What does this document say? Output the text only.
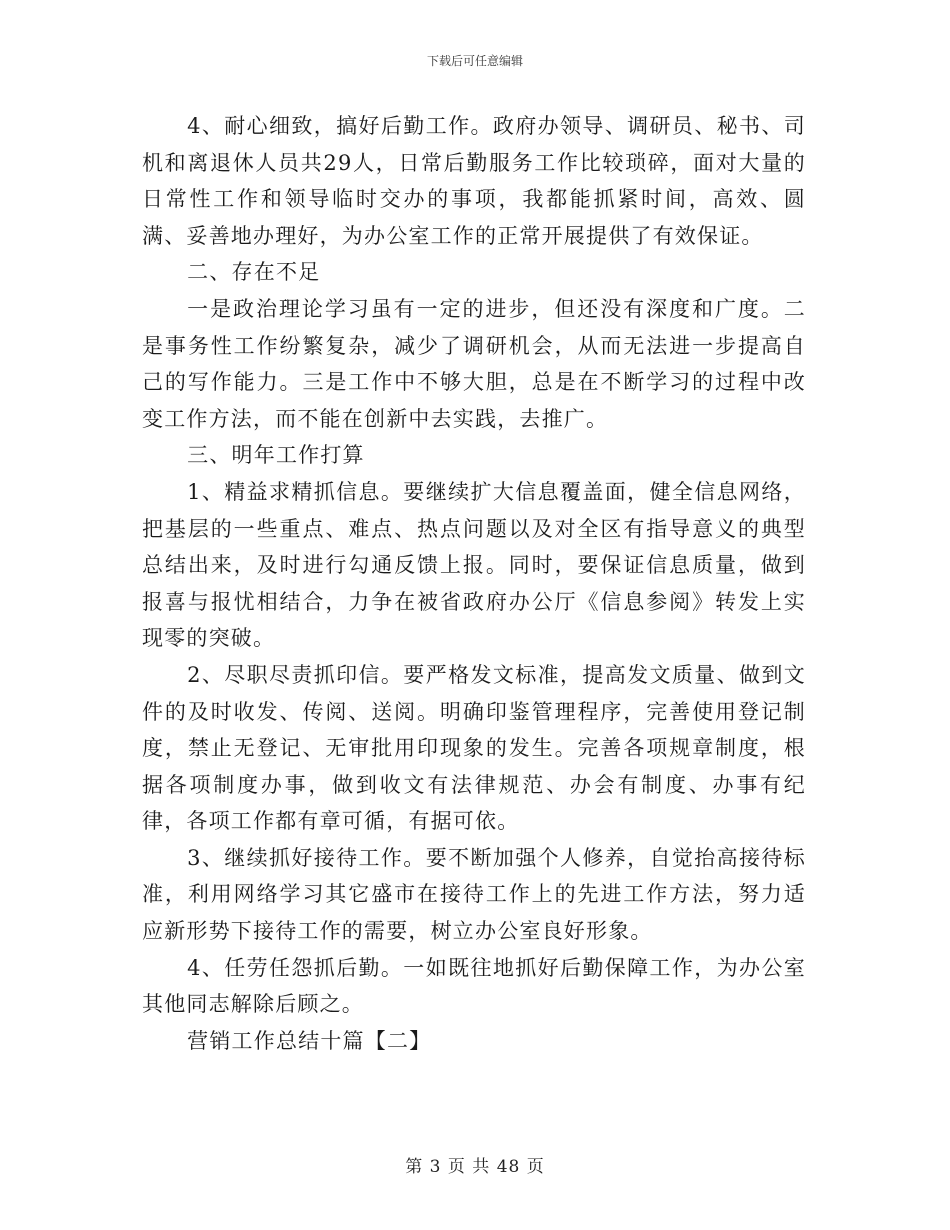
下载后可任意编辑

4、耐心细致，搞好后勤工作。政府办领导、调研员、秘书、司机和离退休人员共29人，日常后勤服务工作比较琐碎，面对大量的日常性工作和领导临时交办的事项，我都能抓紧时间，高效、圆满、妥善地办理好，为办公室工作的正常开展提供了有效保证。

二、存在不足

一是政治理论学习虽有一定的进步，但还没有深度和广度。二是事务性工作纷繁复杂，减少了调研机会，从而无法进一步提高自己的写作能力。三是工作中不够大胆，总是在不断学习的过程中改变工作方法，而不能在创新中去实践，去推广。

三、明年工作打算

1、精益求精抓信息。要继续扩大信息覆盖面，健全信息网络，把基层的一些重点、难点、热点问题以及对全区有指导意义的典型总结出来，及时进行勾通反馈上报。同时，要保证信息质量，做到报喜与报忧相结合，力争在被省政府办公厅《信息参阅》转发上实现零的突破。

2、尽职尽责抓印信。要严格发文标准，提高发文质量、做到文件的及时收发、传阅、送阅。明确印鉴管理程序，完善使用登记制度，禁止无登记、无审批用印现象的发生。完善各项规章制度，根据各项制度办事，做到收文有法律规范、办会有制度、办事有纪律，各项工作都有章可循，有据可依。

3、继续抓好接待工作。要不断加强个人修养，自觉抬高接待标准，利用网络学习其它盛市在接待工作上的先进工作方法，努力适应新形势下接待工作的需要，树立办公室良好形象。

4、任劳任怨抓后勤。一如既往地抓好后勤保障工作，为办公室其他同志解除后顾之。

营销工作总结十篇【二】

第 3 页 共 48 页
